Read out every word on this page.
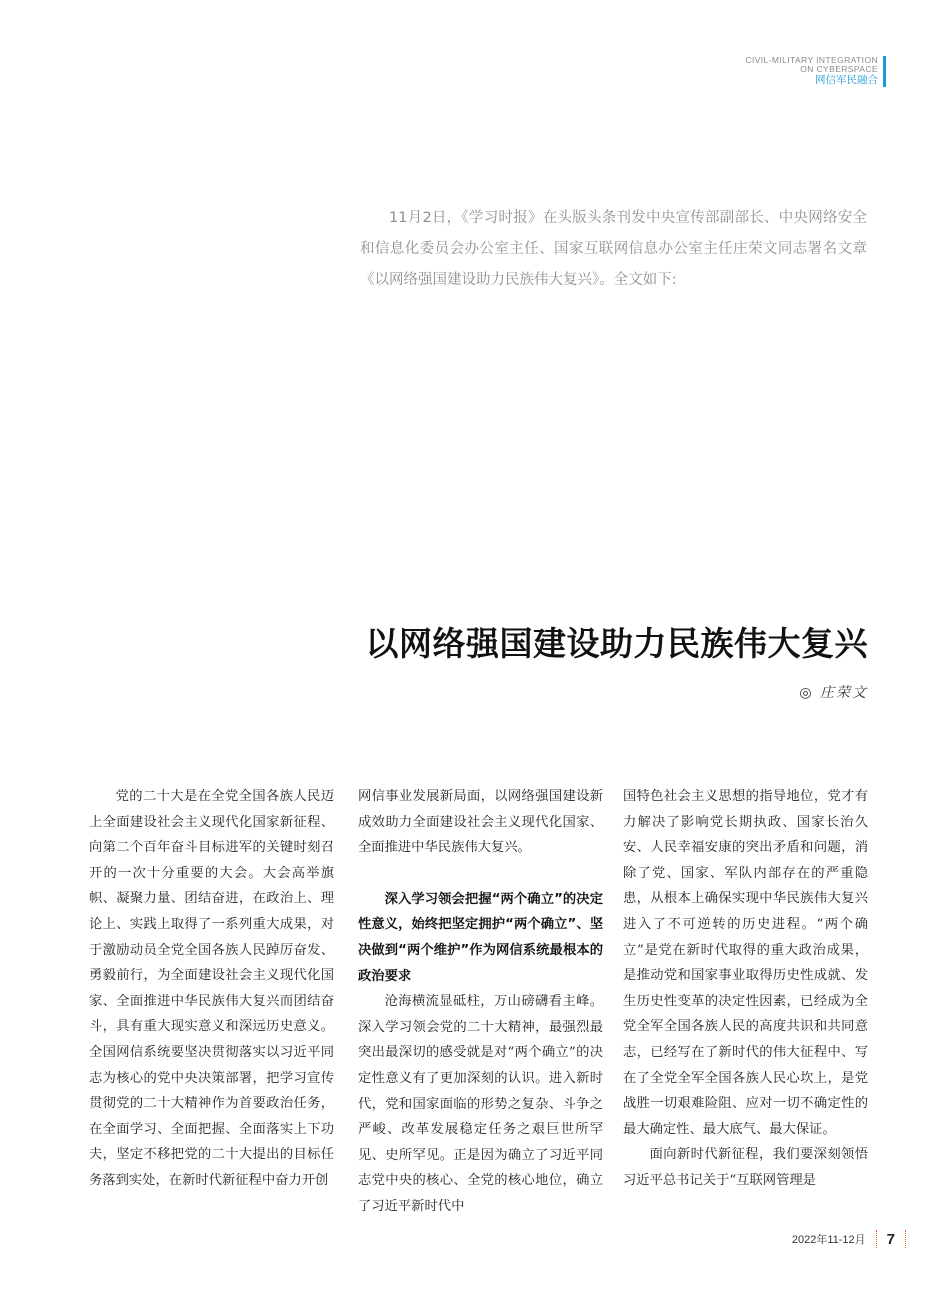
CIVIL-MILITARY INTEGRATION
ON CYBERSPACE
网信军民融合

11月2日，《学习时报》在头版头条刊发中央宣传部副部长、中央网络安全和信息化委员会办公室主任、国家互联网信息办公室主任庄荣文同志署名文章《以网络强国建设助力民族伟大复兴》。全文如下:

以网络强国建设助力民族伟大复兴
◎ 庄荣文

党的二十大是在全党全国各族人民迈上全面建设社会主义现代化国家新征程、向第二个百年奋斗目标进军的关键时刻召开的一次十分重要的大会。大会高举旗帜、凝聚力量、团结奋进，在政治上、理论上、实践上取得了一系列重大成果，对于激励动员全党全国各族人民踔厉奋发、勇毅前行，为全面建设社会主义现代化国家、全面推进中华民族伟大复兴而团结奋斗，具有重大现实意义和深远历史意义。全国网信系统要坚决贯彻落实以习近平同志为核心的党中央决策部署，把学习宣传贯彻党的二十大精神作为首要政治任务，在全面学习、全面把握、全面落实上下功夫，坚定不移把党的二十大提出的目标任务落到实处，在新时代新征程中奋力开创

网信事业发展新局面，以网络强国建设新成效助力全面建设社会主义现代化国家、全面推进中华民族伟大复兴。

深入学习领会把握“两个确立”的决定性意义，始终把坚定拥护“两个确立”、坚决做到“两个维护”作为网信系统最根本的政治要求

沧海横流显砥柱，万山磅礴看主峰。深入学习领会党的二十大精神，最强烈最突出最深切的感受就是对“两个确立”的决定性意义有了更加深刻的认识。进入新时代，党和国家面临的形势之复杂、斗争之严峻、改革发展稳定任务之艰巨世所罕见、史所罕见。正是因为确立了习近平同志党中央的核心、全党的核心地位，确立了习近平新时代中

国特色社会主义思想的指导地位，党才有力解决了影响党长期执政、国家长治久安、人民幸福安康的突出矛盾和问题，消除了党、国家、军队内部存在的严重隐患，从根本上确保实现中华民族伟大复兴进入了不可逆转的历史进程。“两个确立”是党在新时代取得的重大政治成果，是推动党和国家事业取得历史性成就、发生历史性变革的决定性因素，已经成为全党全军全国各族人民的高度共识和共同意志，已经写在了新时代的伟大征程中、写在了全党全军全国各族人民心坎上，是党战胜一切艰难险阻、应对一切不确定性的最大确定性、最大底气、最大保证。

面向新时代新征程，我们要深刻领悟习近平总书记关于“互联网管理是

2022年11-12月 7
